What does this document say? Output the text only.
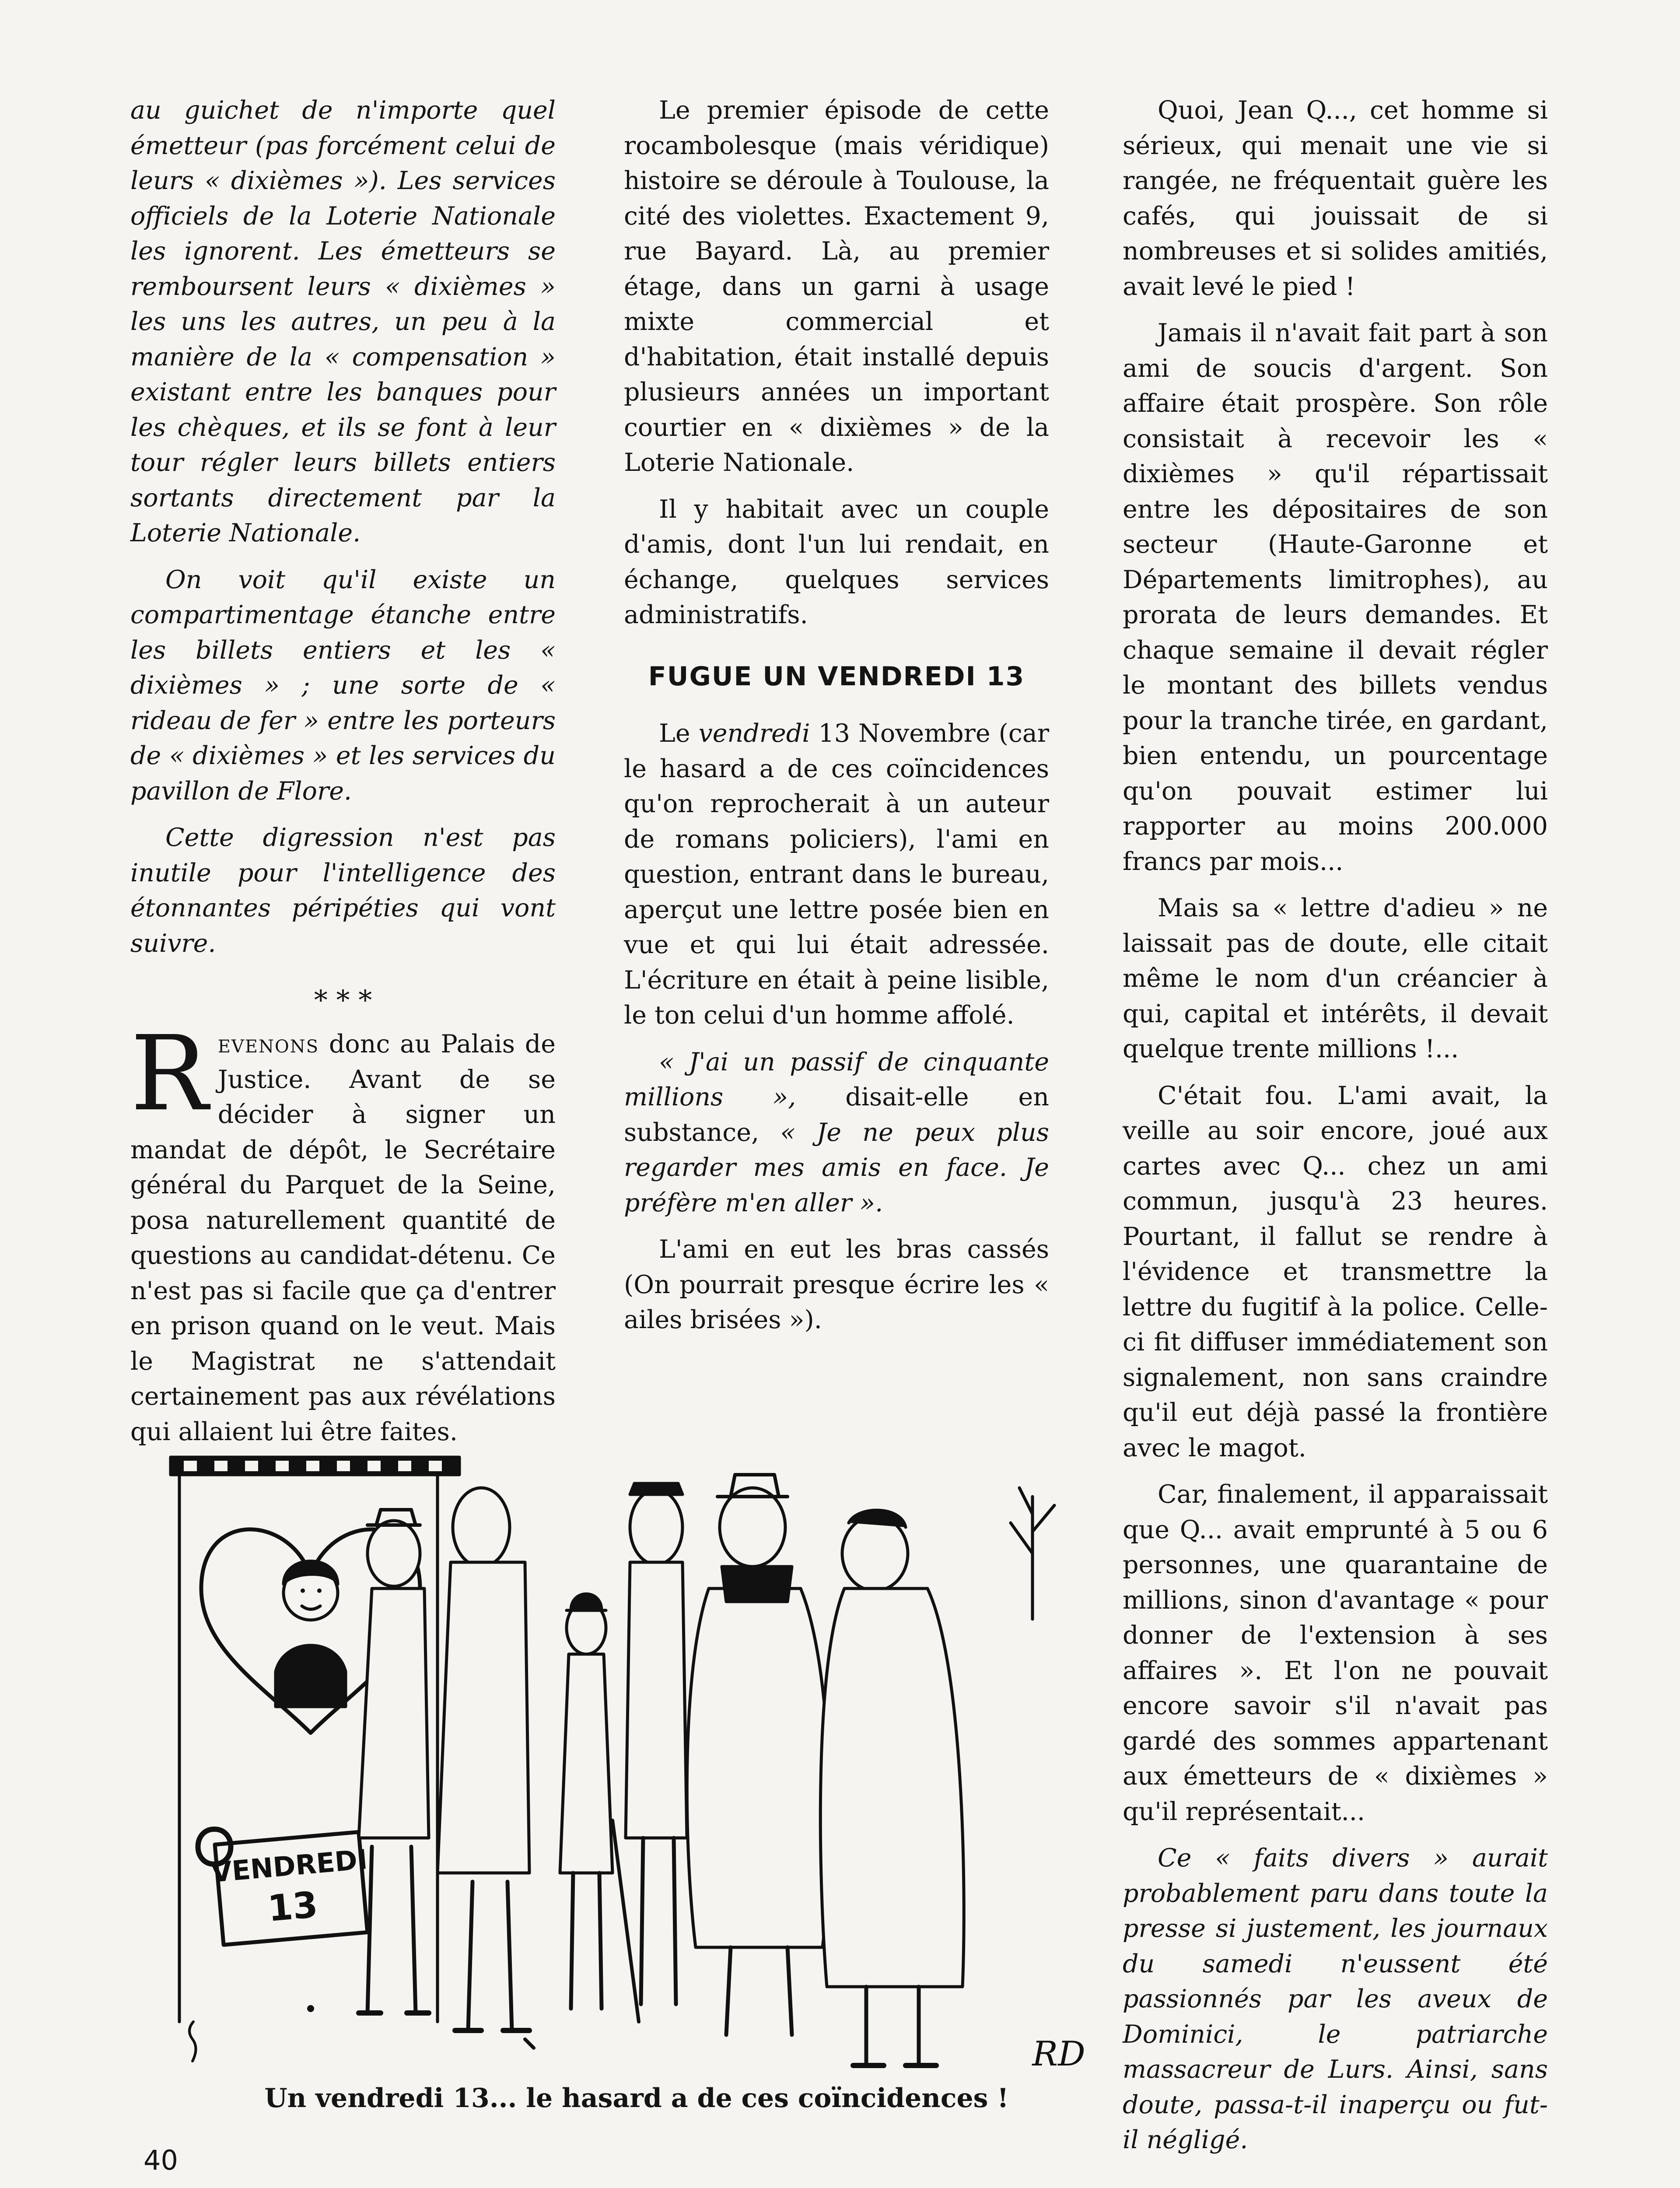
au guichet de n'importe quel émetteur (pas forcément celui de leurs « dixièmes »). Les services officiels de la Loterie Nationale les ignorent. Les émetteurs se remboursent leurs « dixièmes » les uns les autres, un peu à la manière de la « compensation » existant entre les banques pour les chèques, et ils se font à leur tour régler leurs billets entiers sortants directement par la Loterie Nationale.

On voit qu'il existe un compartimentage étanche entre les billets entiers et les « dixièmes » ; une sorte de « rideau de fer » entre les porteurs de « dixièmes » et les services du pavillon de Flore.

Cette digression n'est pas inutile pour l'intelligence des étonnantes péripéties qui vont suivre.

* * *

Revenons donc au Palais de Justice. Avant de se décider à signer un mandat de dépôt, le Secrétaire général du Parquet de la Seine, posa naturellement quantité de questions au candidat-détenu. Ce n'est pas si facile que ça d'entrer en prison quand on le veut. Mais le Magistrat ne s'attendait certainement pas aux révélations qui allaient lui être faites.

Le premier épisode de cette rocambolesque (mais véridique) histoire se déroule à Toulouse, la cité des violettes. Exactement 9, rue Bayard. Là, au premier étage, dans un garni à usage mixte commercial et d'habitation, était installé depuis plusieurs années un important courtier en « dixièmes » de la Loterie Nationale.

Il y habitait avec un couple d'amis, dont l'un lui rendait, en échange, quelques services administratifs.

FUGUE UN VENDREDI 13

Le vendredi 13 Novembre (car le hasard a de ces coïncidences qu'on reprocherait à un auteur de romans policiers), l'ami en question, entrant dans le bureau, aperçut une lettre posée bien en vue et qui lui était adressée. L'écriture en était à peine lisible, le ton celui d'un homme affolé.

« J'ai un passif de cinquante millions », disait-elle en substance, « Je ne peux plus regarder mes amis en face. Je préfère m'en aller ».

L'ami en eut les bras cassés (On pourrait presque écrire les « ailes brisées »).

Quoi, Jean Q..., cet homme si sérieux, qui menait une vie si rangée, ne fréquentait guère les cafés, qui jouissait de si nombreuses et si solides amitiés, avait levé le pied !

Jamais il n'avait fait part à son ami de soucis d'argent. Son affaire était prospère. Son rôle consistait à recevoir les « dixièmes » qu'il répartissait entre les dépositaires de son secteur (Haute-Garonne et Départements limitrophes), au prorata de leurs demandes. Et chaque semaine il devait régler le montant des billets vendus pour la tranche tirée, en gardant, bien entendu, un pourcentage qu'on pouvait estimer lui rapporter au moins 200.000 francs par mois...

Mais sa « lettre d'adieu » ne laissait pas de doute, elle citait même le nom d'un créancier à qui, capital et intérêts, il devait quelque trente millions !...

C'était fou. L'ami avait, la veille au soir encore, joué aux cartes avec Q... chez un ami commun, jusqu'à 23 heures. Pourtant, il fallut se rendre à l'évidence et transmettre la lettre du fugitif à la police. Celle-ci fit diffuser immédiatement son signalement, non sans craindre qu'il eut déjà passé la frontière avec le magot.

Car, finalement, il apparaissait que Q... avait emprunté à 5 ou 6 personnes, une quarantaine de millions, sinon d'avantage « pour donner de l'extension à ses affaires ». Et l'on ne pouvait encore savoir s'il n'avait pas gardé des sommes appartenant aux émetteurs de « dixièmes » qu'il représentait...

Ce « faits divers » aurait probablement paru dans toute la presse si justement, les journaux du samedi n'eussent été passionnés par les aveux de Dominici, le patriarche massacreur de Lurs. Ainsi, sans doute, passa-t-il inaperçu ou fut-il négligé.

VENDREDI
13
RD
Un vendredi 13... le hasard a de ces coïncidences !
40
